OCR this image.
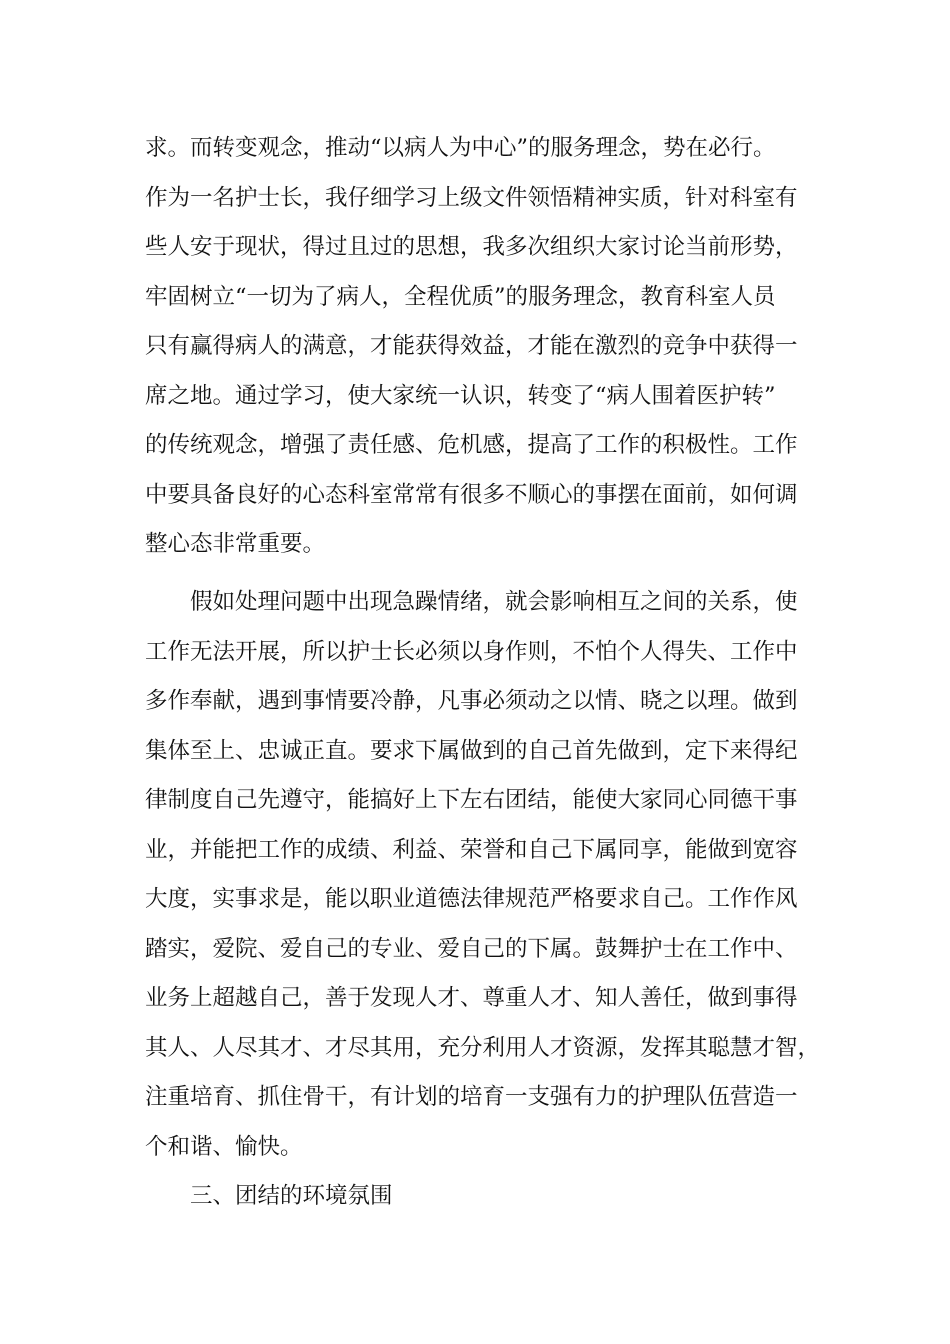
求。而转变观念，推动“以病人为中心”的服务理念，势在必行。
作为一名护士长，我仔细学习上级文件领悟精神实质，针对科室有
些人安于现状，得过且过的思想，我多次组织大家讨论当前形势，
牢固树立“一切为了病人，全程优质”的服务理念，教育科室人员
只有赢得病人的满意，才能获得效益，才能在激烈的竞争中获得一
席之地。通过学习，使大家统一认识，转变了“病人围着医护转”
的传统观念，增强了责任感、危机感，提高了工作的积极性。工作
中要具备良好的心态科室常常有很多不顺心的事摆在面前，如何调
整心态非常重要。
假如处理问题中出现急躁情绪，就会影响相互之间的关系，使
工作无法开展，所以护士长必须以身作则，不怕个人得失、工作中
多作奉献，遇到事情要冷静，凡事必须动之以情、晓之以理。做到
集体至上、忠诚正直。要求下属做到的自己首先做到，定下来得纪
律制度自己先遵守，能搞好上下左右团结，能使大家同心同德干事
业，并能把工作的成绩、利益、荣誉和自己下属同享，能做到宽容
大度，实事求是，能以职业道德法律规范严格要求自己。工作作风
踏实，爱院、爱自己的专业、爱自己的下属。鼓舞护士在工作中、
业务上超越自己，善于发现人才、尊重人才、知人善任，做到事得
其人、人尽其才、才尽其用，充分利用人才资源，发挥其聪慧才智，
注重培育、抓住骨干，有计划的培育一支强有力的护理队伍营造一
个和谐、愉快。
三、团结的环境氛围
